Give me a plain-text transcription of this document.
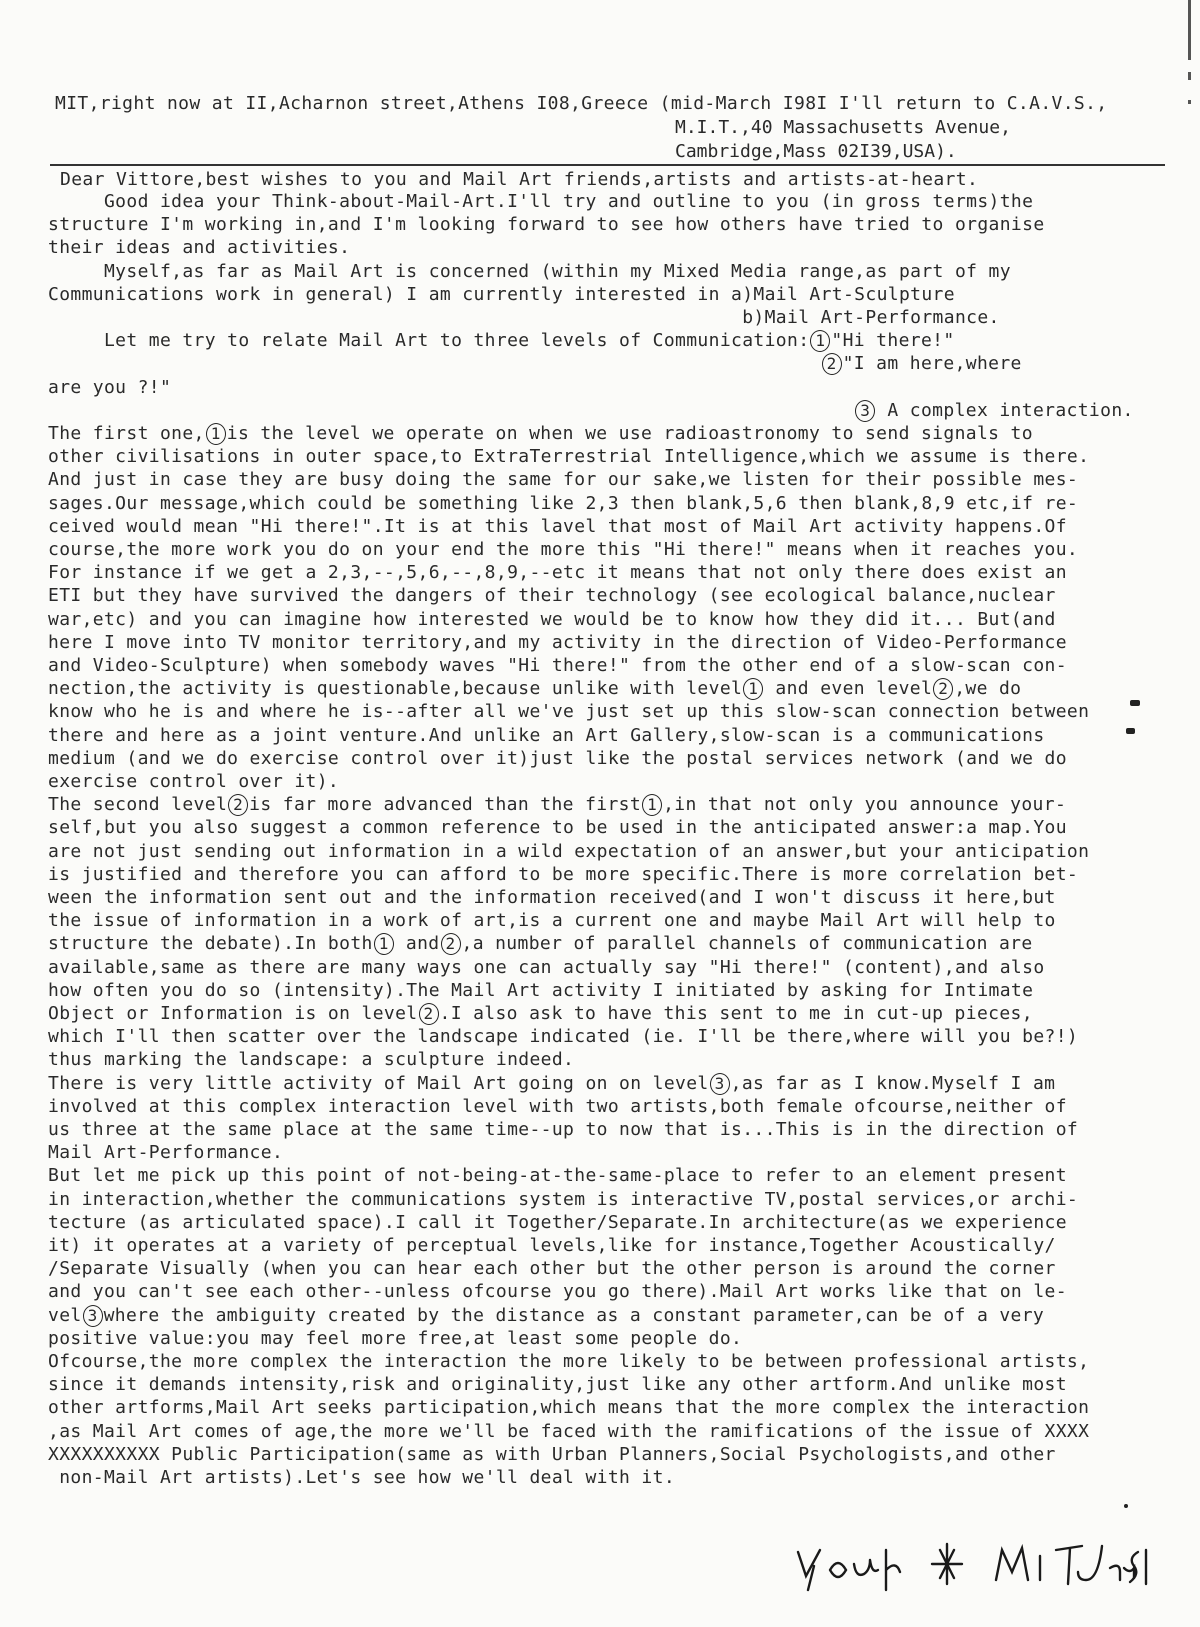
MIT,right now at II,Acharnon street,Athens I08,Greece (mid-March I98I I'll return to C.A.V.S.,
M.I.T.,40 Massachusetts Avenue,
Cambridge,Mass 02I39,USA).
Dear Vittore,best wishes to you and Mail Art friends,artists and artists-at-heart.
Good idea your Think-about-Mail-Art.I'll try and outline to you (in gross terms)the
structure I'm working in,and I'm looking forward to see how others have tried to organise
their ideas and activities.
Myself,as far as Mail Art is concerned (within my Mixed Media range,as part of my
Communications work in general) I am currently interested in a)Mail Art-Sculpture
b)Mail Art-Performance.
Let me try to relate Mail Art to three levels of Communication: 1 "Hi there!"
2 "I am here,where
are you ?!"
3 A complex interaction.
The first one, 1 is the level we operate on when we use radioastronomy to send signals to
other civilisations in outer space,to ExtraTerrestrial Intelligence,which we assume is there.
And just in case they are busy doing the same for our sake,we listen for their possible mes-
sages.Our message,which could be something like 2,3 then blank,5,6 then blank,8,9 etc,if re-
ceived would mean "Hi there!".It is at this lavel that most of Mail Art activity happens.Of
course,the more work you do on your end the more this "Hi there!" means when it reaches you.
For instance if we get a 2,3,--,5,6,--,8,9,--etc it means that not only there does exist an
ETI but they have survived the dangers of their technology (see ecological balance,nuclear
war,etc) and you can imagine how interested we would be to know how they did it... But(and
here I move into TV monitor territory,and my activity in the direction of Video-Performance
and Video-Sculpture) when somebody waves "Hi there!" from the other end of a slow-scan con-
nection,the activity is questionable,because unlike with level 1 and even level 2 ,we do
know who he is and where he is--after all we've just set up this slow-scan connection between
there and here as a joint venture.And unlike an Art Gallery,slow-scan is a communications
medium (and we do exercise control over it)just like the postal services network (and we do
exercise control over it).
The second level 2 is far more advanced than the first 1 ,in that not only you announce your-
self,but you also suggest a common reference to be used in the anticipated answer:a map.You
are not just sending out information in a wild expectation of an answer,but your anticipation
is justified and therefore you can afford to be more specific.There is more correlation bet-
ween the information sent out and the information received(and I won't discuss it here,but
the issue of information in a work of art,is a current one and maybe Mail Art will help to
structure the debate).In both 1 and 2 ,a number of parallel channels of communication are
available,same as there are many ways one can actually say "Hi there!" (content),and also
how often you do so (intensity).The Mail Art activity I initiated by asking for Intimate
Object or Information is on level 2 .I also ask to have this sent to me in cut-up pieces,
which I'll then scatter over the landscape indicated (ie. I'll be there,where will you be?!)
thus marking the landscape: a sculpture indeed.
There is very little activity of Mail Art going on on level 3 ,as far as I know.Myself I am
involved at this complex interaction level with two artists,both female ofcourse,neither of
us three at the same place at the same time--up to now that is...This is in the direction of
Mail Art-Performance.
But let me pick up this point of not-being-at-the-same-place to refer to an element present
in interaction,whether the communications system is interactive TV,postal services,or archi-
tecture (as articulated space).I call it Together/Separate.In architecture(as we experience
it) it operates at a variety of perceptual levels,like for instance,Together Acoustically/
/Separate Visually (when you can hear each other but the other person is around the corner
and you can't see each other--unless ofcourse you go there).Mail Art works like that on le-
vel 3 where the ambiguity created by the distance as a constant parameter,can be of a very
positive value:you may feel more free,at least some people do.
Ofcourse,the more complex the interaction the more likely to be between professional artists,
since it demands intensity,risk and originality,just like any other artform.And unlike most
other artforms,Mail Art seeks participation,which means that the more complex the interaction
,as Mail Art comes of age,the more we'll be faced with the ramifications of the issue of XXXX
XXXXXXXXXX Public Participation(same as with Urban Planners,Social Psychologists,and other
non-Mail Art artists).Let's see how we'll deal with it.
